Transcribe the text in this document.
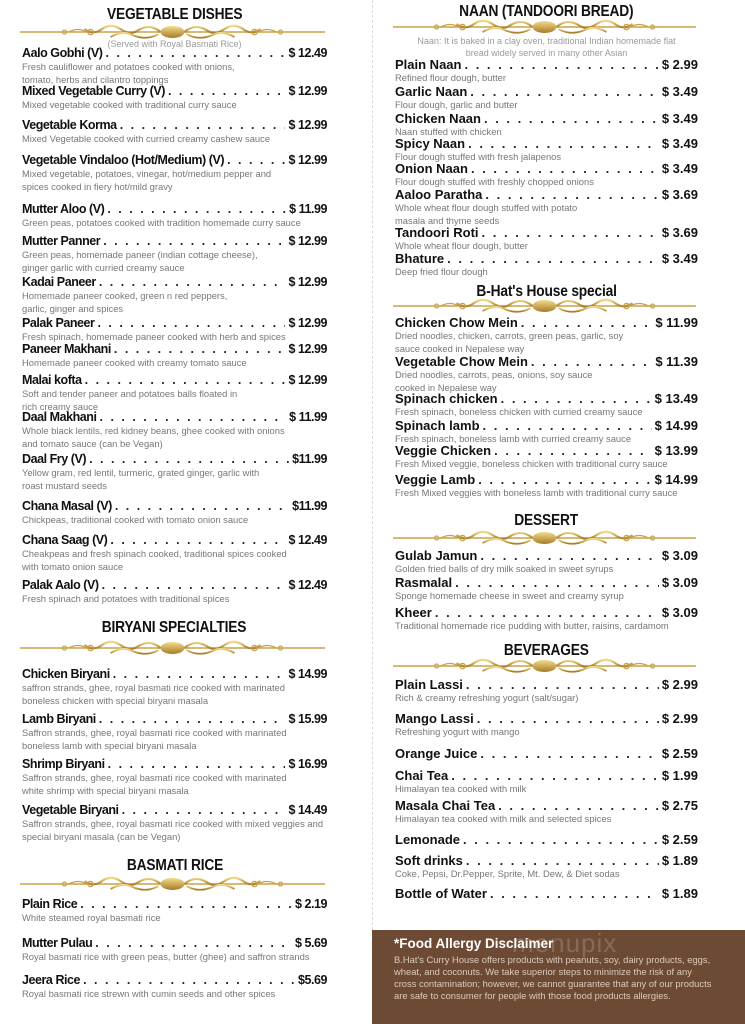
VEGETABLE DISHES
(Served with Royal Basmati Rice)
Aalo Gobhi (V) . . .	$ 12.49
Fresh cauliflower and potatoes cooked with onions,
tomato, herbs and cilantro toppings
Mixed Vegetable Curry (V) . . .	$ 12.99
Mixed vegetable cooked with traditional curry sauce
Vegetable Korma . . .	$ 12.99
Mixed Vegetable cooked with curried creamy cashew sauce
Vegetable Vindaloo (Hot/Medium) (V) . . .	$ 12.99
Mixed vegetable, potatoes, vinegar, hot/medium pepper and
spices cooked in fiery hot/mild gravy
Mutter Aloo (V) . . .	$ 11.99
Green peas, potatoes cooked with tradition homemade curry sauce
Mutter Panner . . .	$ 12.99
Green peas, homemade paneer (indian cottage cheese),
ginger garlic with curried creamy sauce
Kadai Paneer . . .	$ 12.99
Homemade paneer cooked, green n red peppers,
garlic, ginger and spices
Palak Paneer . . .	$ 12.99
Fresh spinach, homemade paneer cooked with herb and spices
Paneer Makhani . . .	$ 12.99
Homemade paneer cooked with creamy tomato sauce
Malai kofta . . .	$ 12.99
Soft and tender paneer and potatoes balls floated in
rich creamy sauce
Daal Makhani . . .	$ 11.99
Whole black lentils, red kidney beans, ghee cooked with onions
and tomato sauce (can be Vegan)
Daal Fry (V) . . .	$11.99
Yellow gram, red lentil, turmeric, grated ginger, garlic with
roast mustard seeds
Chana Masal (V) . . .	$11.99
Chickpeas, traditional cooked with tomato onion sauce
Chana Saag (V) . . .	$ 12.49
Cheakpeas and fresh spinach cooked, traditional spices cooked
with tomato onion sauce
Palak Aalo (V) . . .	$ 12.49
Fresh spinach and potatoes with traditional spices
BIRYANI SPECIALTIES
Chicken Biryani . . .	$ 14.99
saffron strands, ghee, royal basmati rice cooked with marinated
boneless chicken with special biryani masala
Lamb Biryani . . .	$ 15.99
Saffron strands, ghee, royal basmati rice cooked with marinated
boneless lamb with special biryani masala
Shrimp Biryani . . .	$ 16.99
Saffron strands, ghee, royal basmati rice cooked with marinated
white shrimp with special biryani masala
Vegetable Biryani . . .	$ 14.49
Saffron strands, ghee, royal basmati rice cooked with mixed veggies and
special biryani masala (can be Vegan)
BASMATI RICE
Plain Rice . . .	$ 2.19
White steamed royal basmati rice
Mutter Pulau . . .	$ 5.69
Royal basmati rice with green peas, butter (ghee) and saffron strands
Jeera Rice . . .	$5.69
Royal basmati rice strewn with cumin seeds and other spices
NAAN (TANDOORI BREAD)
Naan: It is baked in a clay oven, traditional Indian homemade flat
bread widely served in many other Asian
Plain Naan . . .	$ 2.99
Refined flour dough, butter
Garlic Naan . . .	$ 3.49
Flour dough, garlic and butter
Chicken Naan . . .	$ 3.49
Naan stuffed with chicken
Spicy Naan . . .	$ 3.49
Flour dough stuffed with fresh jalapenos
Onion Naan . . .	$ 3.49
Flour dough stuffed with freshly chopped onions
Aaloo Paratha . . .	$ 3.69
Whole wheat flour dough stuffed with potato
masala and thyme seeds
Tandoori Roti . . .	$ 3.69
Whole wheat flour dough, butter
Bhature . . .	$ 3.49
Deep fried flour dough
B-Hat's House special
Chicken Chow Mein . . .	$ 11.99
Dried noodles, chicken, carrots, green peas, garlic, soy
sauce cooked in Nepalese way
Vegetable Chow Mein . . .	$ 11.39
Dried noodles, carrots, peas, onions, soy sauce
cooked in Nepalese way
Spinach chicken . . .	$ 13.49
Fresh spinach, boneless chicken with curried creamy sauce
Spinach lamb . . .	$ 14.99
Fresh spinach, boneless lamb with curried creamy sauce
Veggie Chicken . . .	$ 13.99
Fresh Mixed veggie, boneless chicken with traditional curry sauce
Veggie Lamb . . .	$ 14.99
Fresh Mixed veggies with boneless lamb with traditional curry sauce
DESSERT
Gulab Jamun . . .	$ 3.09
Golden fried balls of dry milk soaked in sweet syrups
Rasmalal . . .	$ 3.09
Sponge homemade cheese in sweet and creamy syrup
Kheer . . .	$ 3.09
Traditional homemade rice pudding with butter, raisins, cardamom
BEVERAGES
Plain Lassi . . .	$ 2.99
Rich & creamy refreshing yogurt (salt/sugar)
Mango Lassi . . .	$ 2.99
Refreshing yogurt with mango
Orange Juice . . .	$ 2.59
Chai Tea . . .	$ 1.99
Himalayan tea cooked with milk
Masala Chai Tea . . .	$ 2.75
Himalayan tea cooked with milk and selected spices
Lemonade . . .	$ 2.59
Soft drinks . . .	$ 1.89
Coke, Pepsi, Dr.Pepper, Sprite, Mt. Dew, & Diet sodas
Bottle of Water . . .	$ 1.89
menupix
*Food Allergy Disclaimer
B.Hat's Curry House offers products with peanuts, soy, dairy products, eggs,
wheat, and coconuts. We take superior steps to minimize the risk of any
cross contamination; however, we cannot guarantee that any of our products
are safe to consumer for people with those food products allergies.
